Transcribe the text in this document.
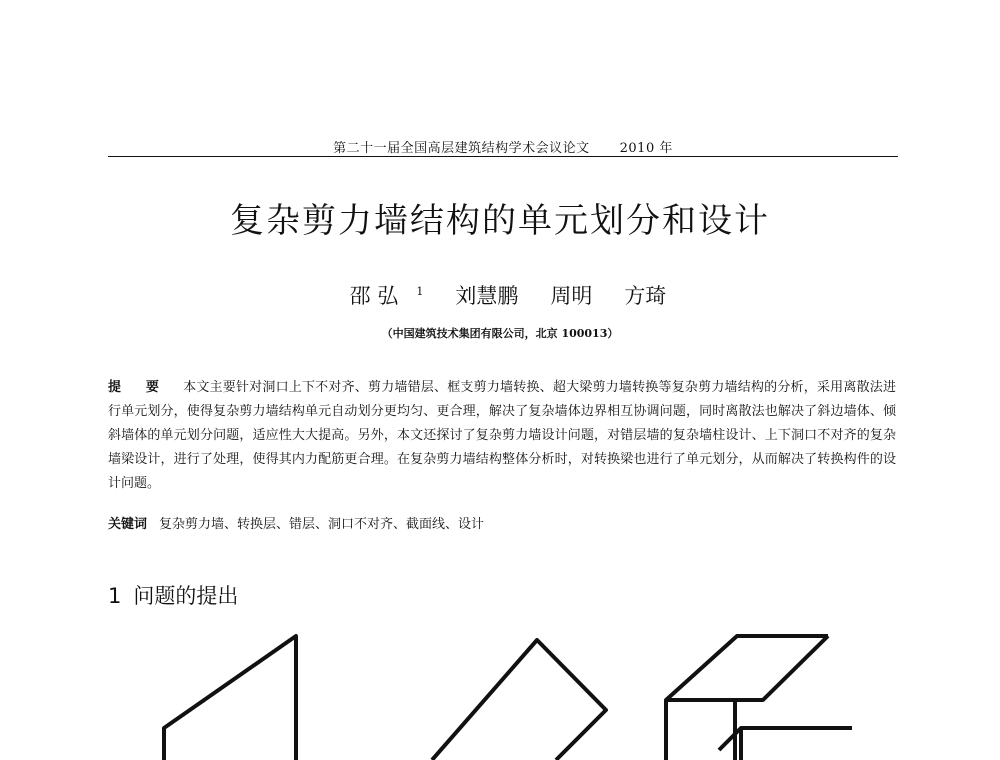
第二十一届全国高层建筑结构学术会议论文 2010 年
复杂剪力墙结构的单元划分和设计
邵 弘 $^1$ 刘慧鹏 周明 方琦
（中国建筑技术集团有限公司，北京 100013）
提 要 本文主要针对洞口上下不对齐、剪力墙错层、框支剪力墙转换、超大梁剪力墙转换等复杂剪力墙结构的分析，采用离散法进行单元划分，使得复杂剪力墙结构单元自动划分更均匀、更合理，解决了复杂墙体边界相互协调问题，同时离散法也解决了斜边墙体、倾斜墙体的单元划分问题，适应性大大提高。另外，本文还探讨了复杂剪力墙设计问题，对错层墙的复杂墙柱设计、上下洞口不对齐的复杂墙梁设计，进行了处理，使得其内力配筋更合理。在复杂剪力墙结构整体分析时，对转换梁也进行了单元划分，从而解决了转换构件的设计问题。
关键词 复杂剪力墙、转换层、错层、洞口不对齐、截面线、设计
1 问题的提出
